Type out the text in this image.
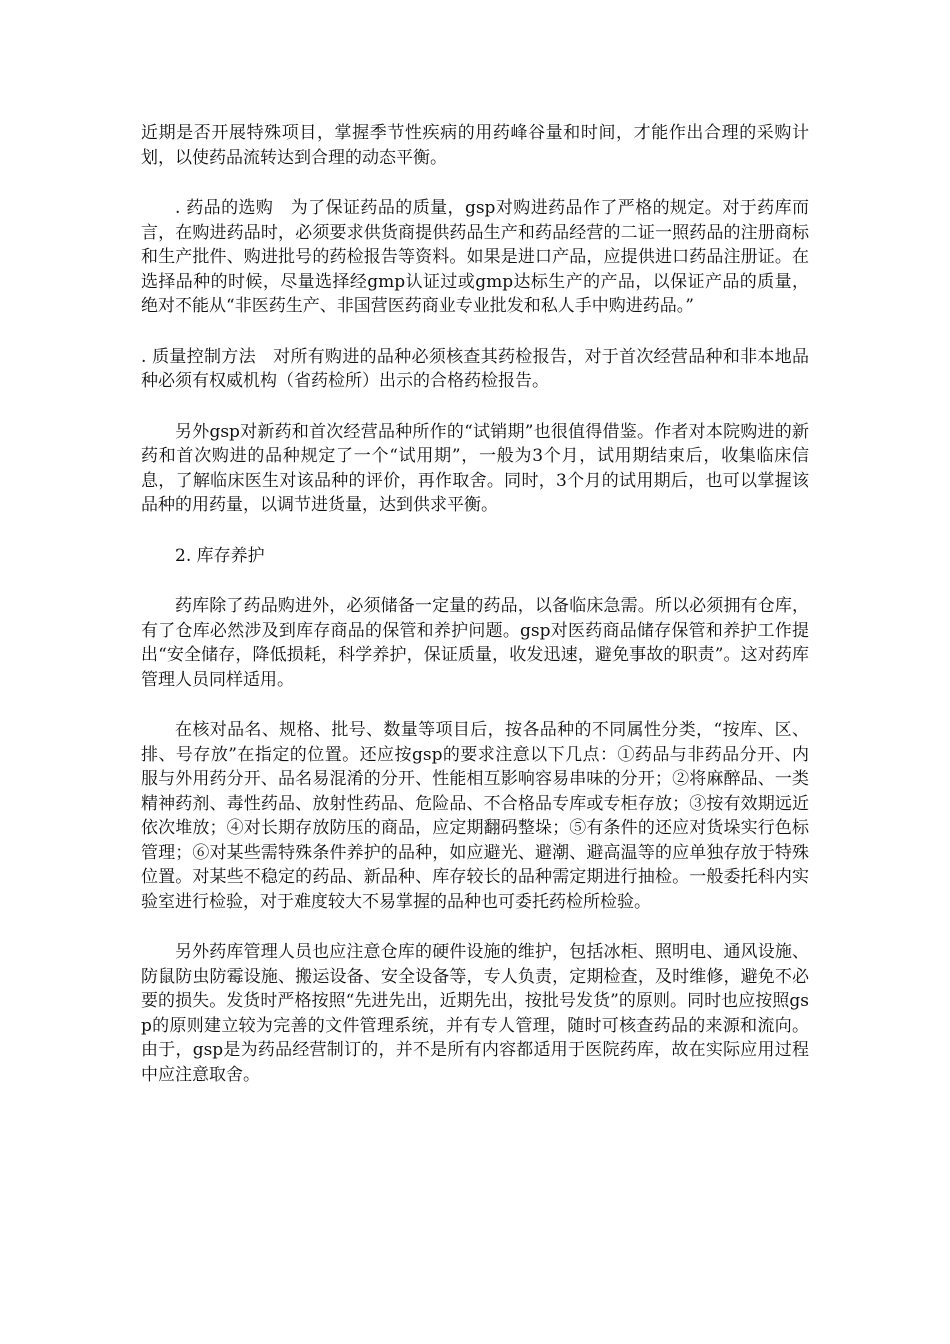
近期是否开展特殊项目，掌握季节性疾病的用药峰谷量和时间，才能作出合理的采购计划，以使药品流转达到合理的动态平衡。

. 药品的选购　为了保证药品的质量，gsp对购进药品作了严格的规定。对于药库而言，在购进药品时，必须要求供货商提供药品生产和药品经营的二证一照药品的注册商标和生产批件、购进批号的药检报告等资料。如果是进口产品，应提供进口药品注册证。在选择品种的时候，尽量选择经gmp认证过或gmp达标生产的产品，以保证产品的质量，绝对不能从“非医药生产、非国营医药商业专业批发和私人手中购进药品。”

. 质量控制方法　对所有购进的品种必须核查其药检报告，对于首次经营品种和非本地品种必须有权威机构（省药检所）出示的合格药检报告。

另外gsp对新药和首次经营品种所作的“试销期”也很值得借鉴。作者对本院购进的新药和首次购进的品种规定了一个“试用期”，一般为3个月，试用期结束后，收集临床信息，了解临床医生对该品种的评价，再作取舍。同时，3个月的试用期后，也可以掌握该品种的用药量，以调节进货量，达到供求平衡。

2. 库存养护

药库除了药品购进外，必须储备一定量的药品，以备临床急需。所以必须拥有仓库，有了仓库必然涉及到库存商品的保管和养护问题。gsp对医药商品储存保管和养护工作提出“安全储存，降低损耗，科学养护，保证质量，收发迅速，避免事故的职责”。这对药库管理人员同样适用。

在核对品名、规格、批号、数量等项目后，按各品种的不同属性分类，“按库、区、排、号存放”在指定的位置。还应按gsp的要求注意以下几点：①药品与非药品分开、内服与外用药分开、品名易混淆的分开、性能相互影响容易串味的分开；②将麻醉品、一类精神药剂、毒性药品、放射性药品、危险品、不合格品专库或专柜存放；③按有效期远近依次堆放；④对长期存放防压的商品，应定期翻码整垛；⑤有条件的还应对货垛实行色标管理；⑥对某些需特殊条件养护的品种，如应避光、避潮、避高温等的应单独存放于特殊位置。对某些不稳定的药品、新品种、库存较长的品种需定期进行抽检。一般委托科内实验室进行检验，对于难度较大不易掌握的品种也可委托药检所检验。

另外药库管理人员也应注意仓库的硬件设施的维护，包括冰柜、照明电、通风设施、防鼠防虫防霉设施、搬运设备、安全设备等，专人负责，定期检查，及时维修，避免不必要的损失。发货时严格按照“先进先出，近期先出，按批号发货”的原则。同时也应按照gsp的原则建立较为完善的文件管理系统，并有专人管理，随时可核查药品的来源和流向。由于，gsp是为药品经营制订的，并不是所有内容都适用于医院药库，故在实际应用过程中应注意取舍。
